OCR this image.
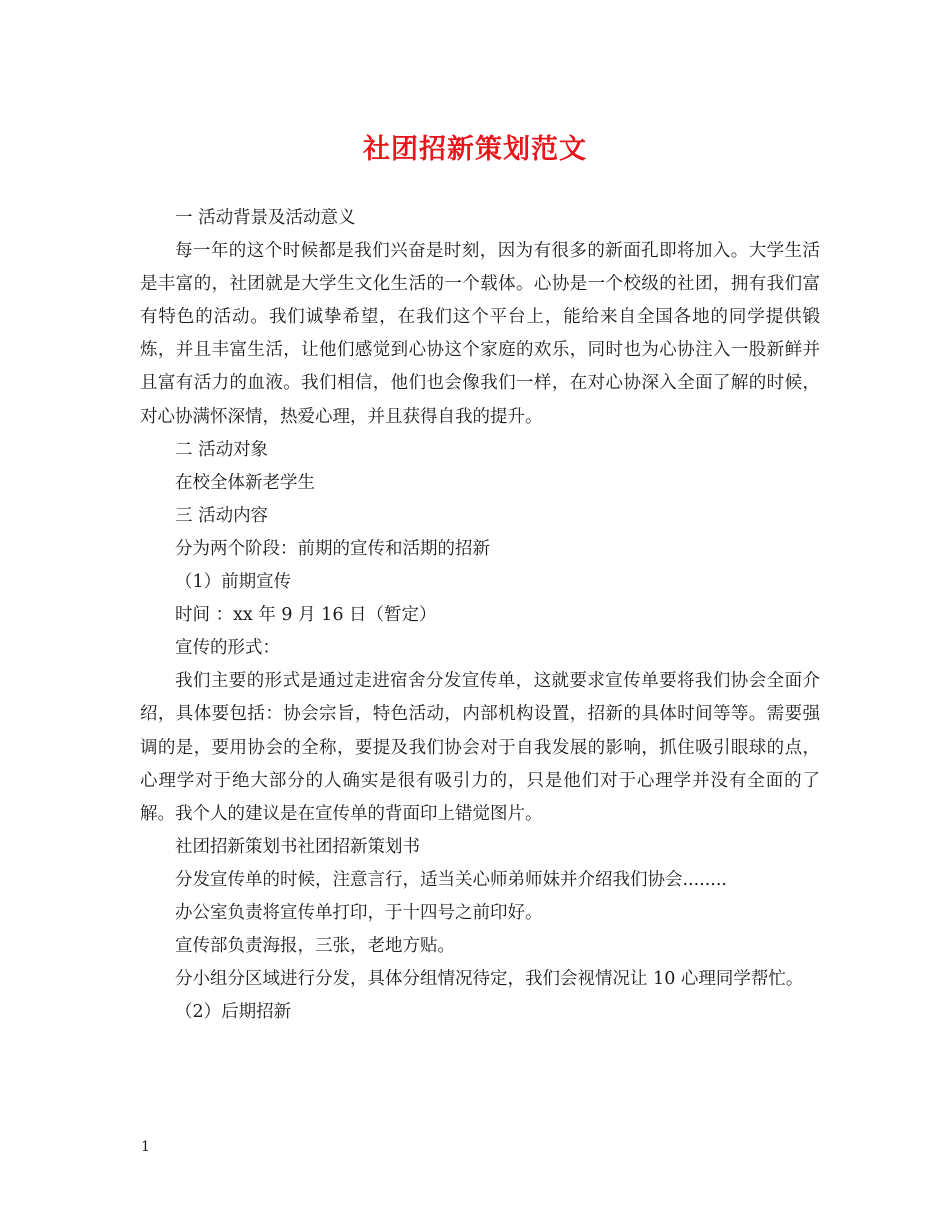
社团招新策划范文

一 活动背景及活动意义

每一年的这个时候都是我们兴奋是时刻，因为有很多的新面孔即将加入。大学生活是丰富的，社团就是大学生文化生活的一个载体。心协是一个校级的社团，拥有我们富有特色的活动。我们诚挚希望，在我们这个平台上，能给来自全国各地的同学提供锻炼，并且丰富生活，让他们感觉到心协这个家庭的欢乐，同时也为心协注入一股新鲜并且富有活力的血液。我们相信，他们也会像我们一样，在对心协深入全面了解的时候，对心协满怀深情，热爱心理，并且获得自我的提升。

二 活动对象

在校全体新老学生

三 活动内容

分为两个阶段：前期的宣传和活期的招新

（1）前期宣传

时间 ：xx 年 9 月 16 日（暂定）

宣传的形式：

我们主要的形式是通过走进宿舍分发宣传单，这就要求宣传单要将我们协会全面介绍，具体要包括：协会宗旨，特色活动，内部机构设置，招新的具体时间等等。需要强调的是，要用协会的全称，要提及我们协会对于自我发展的影响，抓住吸引眼球的点，心理学对于绝大部分的人确实是很有吸引力的，只是他们对于心理学并没有全面的了解。我个人的建议是在宣传单的背面印上错觉图片。

社团招新策划书社团招新策划书

分发宣传单的时候，注意言行，适当关心师弟师妹并介绍我们协会........

办公室负责将宣传单打印，于十四号之前印好。

宣传部负责海报，三张，老地方贴。

分小组分区域进行分发，具体分组情况待定，我们会视情况让 10 心理同学帮忙。

（2）后期招新

1
